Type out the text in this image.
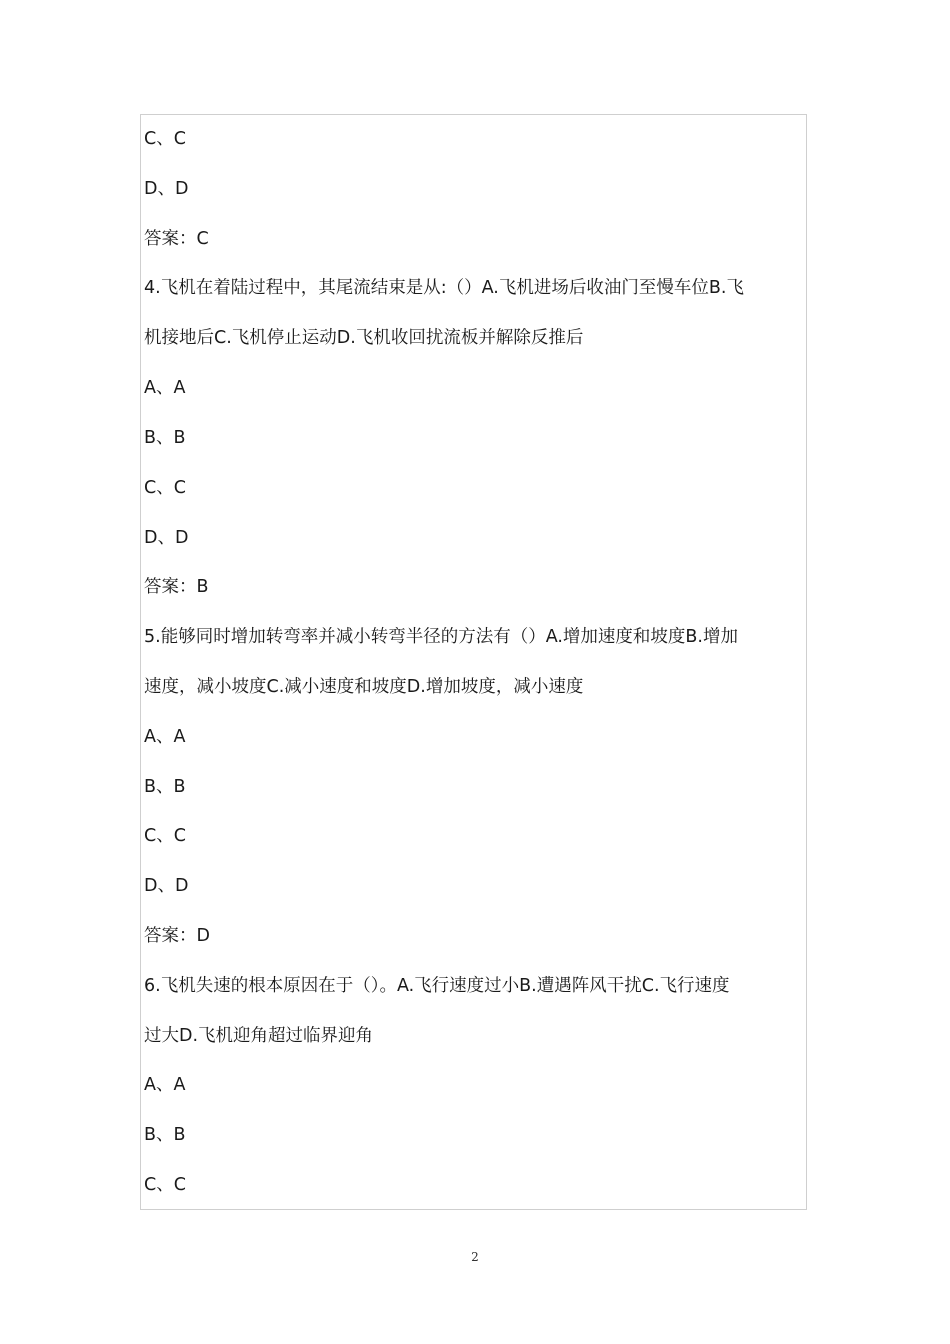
C、C
D、D
答案：C
4.飞机在着陆过程中，其尾流结束是从:（）A.飞机进场后收油门至慢车位B.飞
机接地后C.飞机停止运动D.飞机收回扰流板并解除反推后
A、A
B、B
C、C
D、D
答案：B
5.能够同时增加转弯率并减小转弯半径的方法有（）A.增加速度和坡度B.增加
速度，减小坡度C.减小速度和坡度D.增加坡度，减小速度
A、A
B、B
C、C
D、D
答案：D
6.飞机失速的根本原因在于（）。A.飞行速度过小B.遭遇阵风干扰C.飞行速度
过大D.飞机迎角超过临界迎角
A、A
B、B
C、C
2
